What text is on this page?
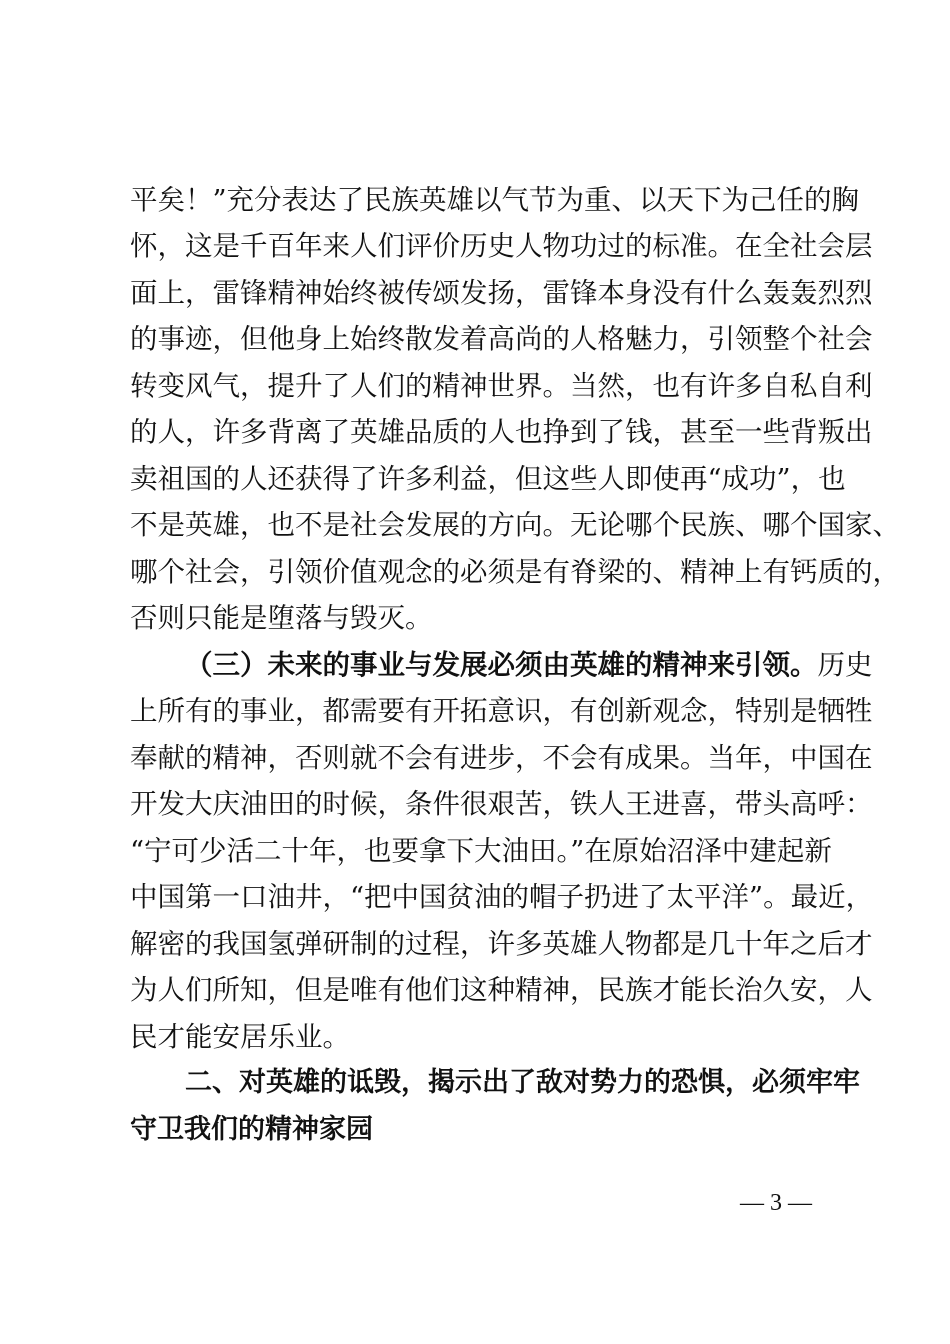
平矣！”充分表达了民族英雄以气节为重、以天下为己任的胸
怀，这是千百年来人们评价历史人物功过的标准。在全社会层
面上，雷锋精神始终被传颂发扬，雷锋本身没有什么轰轰烈烈
的事迹，但他身上始终散发着高尚的人格魅力，引领整个社会
转变风气，提升了人们的精神世界。当然，也有许多自私自利
的人，许多背离了英雄品质的人也挣到了钱，甚至一些背叛出
卖祖国的人还获得了许多利益，但这些人即使再“成功”，也
不是英雄，也不是社会发展的方向。无论哪个民族、哪个国家、
哪个社会，引领价值观念的必须是有脊梁的、精神上有钙质的，
否则只能是堕落与毁灭。
（三）未来的事业与发展必须由英雄的精神来引领。历史
上所有的事业，都需要有开拓意识，有创新观念，特别是牺牲
奉献的精神，否则就不会有进步，不会有成果。当年，中国在
开发大庆油田的时候，条件很艰苦，铁人王进喜，带头高呼：
“宁可少活二十年，也要拿下大油田。”在原始沼泽中建起新
中国第一口油井，“把中国贫油的帽子扔进了太平洋”。最近，
解密的我国氢弹研制的过程，许多英雄人物都是几十年之后才
为人们所知，但是唯有他们这种精神，民族才能长治久安，人
民才能安居乐业。
二、对英雄的诋毁，揭示出了敌对势力的恐惧，必须牢牢
守卫我们的精神家园
— 3 —
